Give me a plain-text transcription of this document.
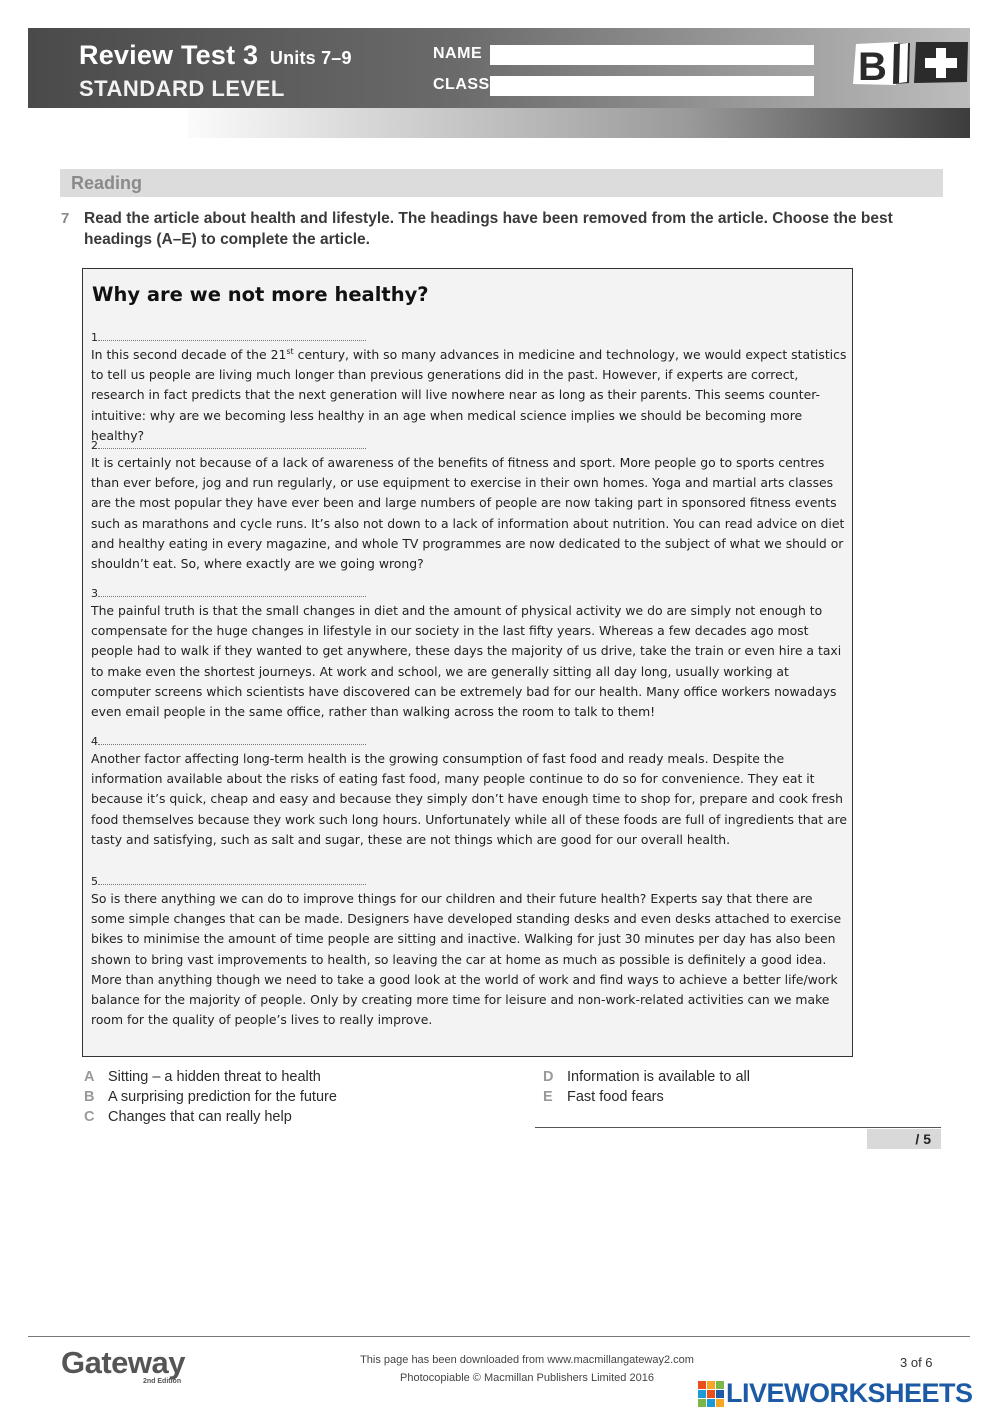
Review Test 3 Units 7–9
STANDARD LEVEL
NAME
CLASS	B
Reading
7 Read the article about health and lifestyle. The headings have been removed from the article. Choose the best headings (A–E) to complete the article.
Why are we not more healthy?
1
In this second decade of the 21st century, with so many advances in medicine and technology, we would expect statistics to tell us people are living much longer than previous generations did in the past. However, if experts are correct, research in fact predicts that the next generation will live nowhere near as long as their parents. This seems counter-intuitive: why are we becoming less healthy in an age when medical science implies we should be becoming more healthy?
2
It is certainly not because of a lack of awareness of the benefits of fitness and sport. More people go to sports centres than ever before, jog and run regularly, or use equipment to exercise in their own homes. Yoga and martial arts classes are the most popular they have ever been and large numbers of people are now taking part in sponsored fitness events such as marathons and cycle runs. It’s also not down to a lack of information about nutrition. You can read advice on diet and healthy eating in every magazine, and whole TV programmes are now dedicated to the subject of what we should or shouldn’t eat. So, where exactly are we going wrong?
3
The painful truth is that the small changes in diet and the amount of physical activity we do are simply not enough to compensate for the huge changes in lifestyle in our society in the last fifty years. Whereas a few decades ago most people had to walk if they wanted to get anywhere, these days the majority of us drive, take the train or even hire a taxi to make even the shortest journeys. At work and school, we are generally sitting all day long, usually working at computer screens which scientists have discovered can be extremely bad for our health. Many office workers nowadays even email people in the same office, rather than walking across the room to talk to them!
4
Another factor affecting long-term health is the growing consumption of fast food and ready meals. Despite the information available about the risks of eating fast food, many people continue to do so for convenience. They eat it because it’s quick, cheap and easy and because they simply don’t have enough time to shop for, prepare and cook fresh food themselves because they work such long hours. Unfortunately while all of these foods are full of ingredients that are tasty and satisfying, such as salt and sugar, these are not things which are good for our overall health.
5
So is there anything we can do to improve things for our children and their future health? Experts say that there are some simple changes that can be made. Designers have developed standing desks and even desks attached to exercise bikes to minimise the amount of time people are sitting and inactive. Walking for just 30 minutes per day has also been shown to bring vast improvements to health, so leaving the car at home as much as possible is definitely a good idea. More than anything though we need to take a good look at the world of work and find ways to achieve a better life/work balance for the majority of people. Only by creating more time for leisure and non-work-related activities can we make room for the quality of people’s lives to really improve.
A Sitting – a hidden threat to health
B A surprising prediction for the future
C Changes that can really help
D Information is available to all
E Fast food fears
/ 5
Gateway
2nd Edition
This page has been downloaded from www.macmillangateway2.com
Photocopiable © Macmillan Publishers Limited 2016
3 of 6
LIVEWORKSHEETS
